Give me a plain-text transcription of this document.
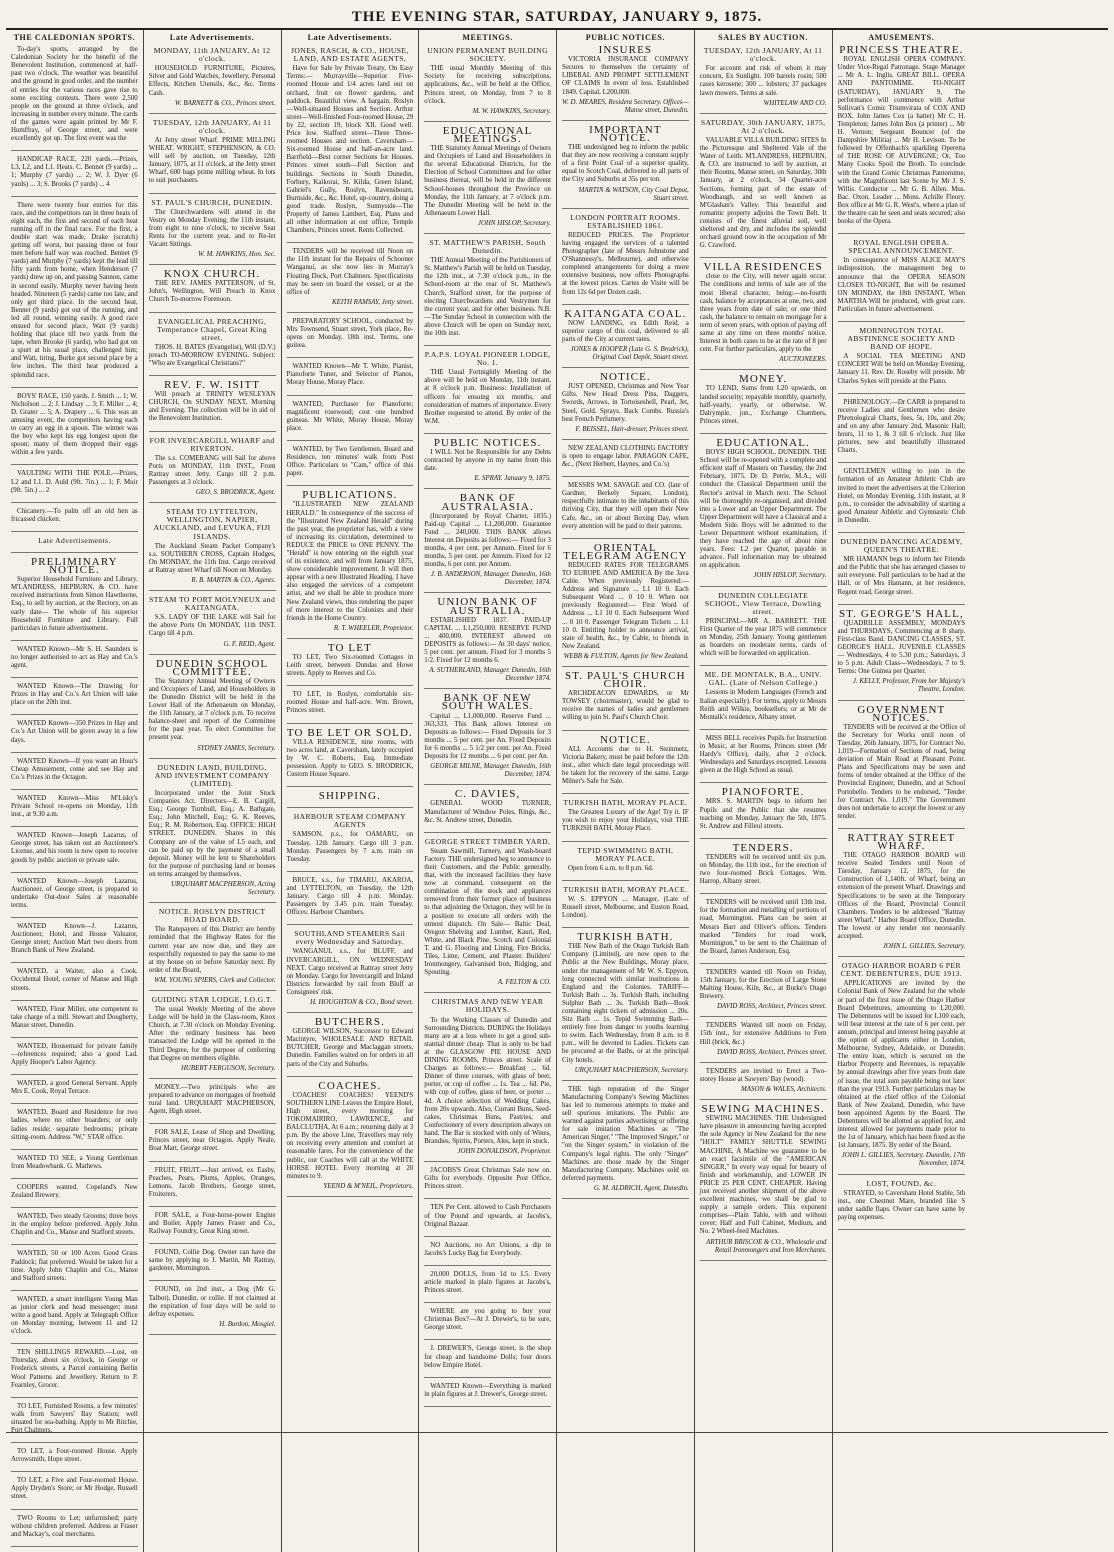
THE EVENING STAR, SATURDAY, JANUARY 9, 1875.
THE CALEDONIAN SPORTS.

To-day's sports, arranged by the Caledonian Society for the benefit of the Benevolent Institution, commenced at half-past two o'clock. The weather was beautiful and the ground in good order, and the number of entries for the various races gave rise to some exciting contests. There were 2,500 people on the ground at three o'clock, and increasing in number every minute. The cards of the games were again printed by Mr F. Humffray, of George street, and were excellently got up. The first event was the

HANDICAP RACE, 220 yards.—Prizes, L3, L2, and L1. Heats. C. Bennet (9 yards) ... 1; Murphy (7 yards) ... 2; W. J. Dyer (6 yards) ... 3; S. Brooks (7 yards) ... 4

There were twenty four entries for this race, and the competitors ran in three heats of eight each, the first and second of each heat running off in the final race. For the first, a double start was made, Drake (scratch) getting off worst, but passing three or four men before half way was reached. Bennet (9 yards) and Murphy (7 yards) kept the lead till fifty yards from home, when Henderson (7 yards) drew up on, and passing Sannon, came in second easily. Murphy never having been headed. Nineteen (5 yards) came too late, and only got third place. In the second heat, Bennet (9 yards) got out of the running, and led all round, winning easily. A good race ensued for second place, Watt (9 yards) holding that place till two yards from the tape, when Brooke (6 yards), who had got on a spurt at his usual place, challenged him; and Watt, tiring, Burke got second place by a few inches. The third heat produced a splendid race.

BOYS' RACE, 150 yards. J. Smith ... 1; W. Nicholson ... 2; J. Lindsay ... 3; F. Miller ... 4; D. Grater ... 5; A. Drapery ... 6. This was an amusing event, the competitors having each to carry an egg in a spoon. The winner was the boy who kept his egg longest upon the spoon; many of them dropped their eggs within a few yards.

VAULTING WITH THE POLE.—Prizes, L2 and L1. D. Auld (9ft. 7in.) ... 1; F. Muir (9ft. 5in.) ... 2

Chicanery.—To palm off an old hen as fricassed chicken.

Late Advertisements.
PRELIMINARY NOTICE.

Superior Household Furniture and Library. M'LANDRESS, HEPBURN, & CO. have received instructions from Simon Hawthorne, Esq., to sell by auction, at the Rectory, on an early date— The whole of his superior Household Furniture and Library. Full particulars in future advertisement.

WANTED Known—Mr S. H. Saunders is no longer authorised to act as Hay and Co.'s agent.

WANTED Known—The Drawing for Prizes in Hay and Co.'s Art Union will take place on the 20th inst.

WANTED Known—350 Prizes in Hay and Co.'s Art Union will be given away in a few days.

WANTED Known—If you want an Hour's Cheap Amusement, come and see Hay and Co.'s Prizes in the Octagon.

WANTED Known—Miss M'Lisky's Private School re-opens on Monday, 11th inst., at 9.30 a.m.

WANTED Known—Joseph Lazarus, of George street, has taken out an Auctioneer's License, and his room is now open to receive goods by public auction or private sale.

WANTED Known—Joseph Lazarus, Auctioneer, of George street, is prepared to undertake Out-door Sales at reasonable terms.

WANTED Known—J. Lazarus, Auctioneer, Hotel, and House Valuator, George street; Auction Mart two doors from Branch Bank of New Zealand.

WANTED, a Waiter, also a Cook. Occidental Hotel, corner of Manse and High streets.

WANTED, Flour Miller, one competent to take charge of a mill. Stewart and Dougherty, Manse street, Dunedin.

WANTED, Housemaid for private family—references required; also a good Lad. Apply Hooper's Labor Agency.

WANTED, a good General Servant. Apply Mrs E. Cook, Royal Terrace.

WANTED, Board and Residence for two ladies, where no other boarders; or only ladies reside; separate bedrooms; private sitting-room. Address "W," STAR office.

WANTED TO SEE, a Young Gentleman from Meadowbank. G. Mathews.

COOPERS wanted. Copeland's New Zealand Brewery.

WANTED, Two steady Grooms; three boys in the employ before preferred. Apply John Chaplin and Co., Manse and Stafford streets.

WANTED, 50 or 100 Acres Good Grass Paddock; flat preferred. Would be taken for a time. Apply John Chaplin and Co., Manse and Stafford streets.

WANTED, a smart intelligent Young Man as junior clerk and head messenger; must write a good hand. Apply at Telegraph Office on Monday morning, between 11 and 12 o'clock.

TEN SHILLINGS REWARD.—Lost, on Thursday, about six o'clock, in George or Frederick streets, a Parcel containing Berlin Wool Patterns and Jewellery. Return to P. Fearnley, Grocer.

TO LET, Furnished Rooms, a few minutes' walk from Sawyers' Bay Station; well situated for sea-bathing. Apply to Mr Ritchie, Port Chalmers.

TO LET, a Four-roomed House. Apply Arrowsmith, Hope street.

TO LET, a Five and Four-roomed House. Apply Dryden's Store; or Mr Hodge, Russell street.

TWO Rooms to Let; unfurnished; party without children preferred. Address at Fraser and Mackay's, coal merchants.

Late Advertisements.
MONDAY, 11th JANUARY, At 12 o'clock.

HOUSEHOLD FURNITURE, Pictures, Silver and Gold Watches, Jewellery, Personal Effects, Kitchen Utensils, &c., &c. Terms Cash.

W. BARNETT & CO., Princes street.
TUESDAY, 12th JANUARY, At 11 o'clock.

At Jetty street Wharf. PRIME MILLING WHEAT. WRIGHT, STEPHENSON, & CO. will sell by auction, on Tuesday, 12th January, 1875, at 11 o'clock, at the Jetty street Wharf, 600 bags prime milling wheat. In lots to suit purchasers.

ST. PAUL'S CHURCH, DUNEDIN.

The Churchwardens will attend in the Vestry on Monday Evening, the 11th instant, from eight to nine o'clock, to receive Seat Rents for the current year, and to Re-let Vacant Sittings.

W. M. HAWKINS, Hon. Sec.
KNOX CHURCH.

THE REV. JAMES PATTERSON, of St. John's, Wellington, Will Preach in Knox Church To-morrow Forenoon.

EVANGELICAL PREACHING, Temperance Chapel, Great King street.

THOS. H. BATES (Evangelist), Will (D.V.) preach TO-MORROW EVENING. Subject: "Who are Evangelical Christians?"

REV. F. W. ISITT

Will preach at TRINITY WESLEYAN CHURCH, On SUNDAY NEXT, Morning and Evening. The collection will be in aid of the Benevolent Institution.

FOR INVERCARGILL WHARF and RIVERTON.

The s.s. COMERANG will Sail for above Ports on MONDAY, 11th INST., From Rattray street Jetty. Cargo till 2 p.m. Passengers at 3 o'clock.

GEO. S. BRODRICK, Agent.
STEAM TO LYTTELTON, WELLINGTON, NAPIER, AUCKLAND, and LEVUKA, FIJI ISLANDS.

The Auckland Steam Packet Company's s.s. SOUTHERN CROSS, Captain Hodges, On MONDAY, the 11th Inst. Cargo received at Rattray street Wharf till Noon on Monday.

R. B. MARTIN & CO., Agents.
STEAM TO PORT MOLYNEUX and KAITANGATA.

S.S. LADY OF THE LAKE will Sail for the above Ports On MONDAY, 11th INST. Cargo till 4 p.m.

G. F. REID, Agent.
DUNEDIN SCHOOL COMMITTEE.

The Statutory Annual Meeting of Owners and Occupiers of Land, and Householders in the Dunedin District will be held in the Lower Hall of the Athenaeum on Monday, the 11th January, at 7 o'clock p.m. To receive balance-sheet and report of the Committee for the past year. To elect Committee for present year.

SYDNEY JAMES, Secretary.
DUNEDIN LAND, BUILDING, AND INVESTMENT COMPANY (LIMITED).

Incorporated under the Joint Stock Companies Act. Directors—E. B. Cargill, Esq.; George Turnbull, Esq.; A. Bathgate, Esq.; John Mitchell, Esq.; G. K. Reeves, Esq.; R. M. Robertson, Esq. OFFICE: HIGH STREET, DUNEDIN. Shares in this Company are of the value of L5 each, and can be paid up by the payment of a small deposit. Money will be lent to Shareholders for the purpose of purchasing land or houses on terms arranged by themselves.

URQUHART MACPHERSON, Acting Secretary.
NOTICE. ROSLYN DISTRICT ROAD BOARD.

The Ratepayers of this District are hereby reminded that the Highway Rates for the current year are now due, and they are respectfully requested to pay the same to me at my house on or before Saturday next. By order of the Board,

WM. YOUNG SPIERS, Clerk and Collector.
GUIDING STAR LODGE, I.O.G.T.

The usual Weekly Meeting of the above Lodge will be held in the Class-room, Knox Church, at 7.30 o'clock on Monday Evening. After the ordinary business has been transacted the Lodge will be opened in the Third Degree, for the purpose of conferring that Degree on members eligible.

HUBERT FERGUSON, Secretary.

MONEY.—Two principals who are prepared to advance on mortgages of freehold rural land. URQUHART MACPHERSON, Agent, High street.

FOR SALE, Lease of Shop and Dwelling, Princes street, near Octagon. Apply Neale, Boat Mart, George street.

FRUIT, FRUIT.—Just arrived, ex Easby, Peaches, Pears, Plums, Apples, Oranges, Lemons. Jacob Brothers, George street, Fruiterers.

FOR SALE, a Four-horse-power Engine and Boiler. Apply James Fraser and Co., Railway Foundry, Great King street.

FOUND, Collie Dog. Owner can have the same by applying to J. Martin, Mt Rattray, gardener, Mornington.

FOUND, on 2nd inst., a Dog (Mr G. Talbot), Dunedin, or collie. If not claimed at the expiration of four days will be sold to defray expenses.

H. Burdon, Mosgiel.
Late Advertisements.
JONES, RASCH, & CO., HOUSE, LAND, AND ESTATE AGENTS,

Have for Sale by Private Treaty, On Easy Terms:— Murrayville—Superior Five-roomed House and 1/4 acres land out on orchard, fruit on flower gardens, and paddock. Beautiful view. A bargain. Roslyn—Well-situated Houses and Section. Arthur street—Well-finished Four-roomed House, 29 by 22, section 19, block XII. Good well. Price low. Stafford street—Three Three-roomed Houses and section. Caversham—Six-roomed House and half-an-acre land. Barrfield—Best corner Sections for Houses. Princes street south—Full Section and buildings. Sections in South Dunedin, Forbury, Kaikorai, St. Kilda, Green Island, Gabriel's Gully, Roslyn, Ravensbourn, Burnside, &c., &c. Hotel, up-country, doing a good trade. Roslyn, Sunnyside—The Property of James Lambert, Esq. Plans and all other information at our office, Temple Chambers, Princes street. Rents Collected.

TENDERS will be received till Noon on the 11th instant for the Repairs of Schooner Wanganui, as she now lies in Murray's Floating Dock, Port Chalmers. Specifications may be seen on board the vessel, or at the office of

KEITH RAMSAY, Jetty street.

PREPARATORY SCHOOL, conducted by Mrs Townsend, Stuart street, York place, Re-opens on Monday, 18th inst. Terms, one guinea.

WANTED Known—Mr T. White, Pianist, Pianoforte Tuner, and Selector of Pianos, Moray House, Moray Place.

WANTED, Purchaser for Pianoforte; magnificent rosewood; cost one hundred guineas. Mr White, Moray House, Moray place.

WANTED, by Two Gentlemen, Board and Residence, ten minutes' walk from Post Office. Particulars to "Cam," office of this paper.

PUBLICATIONS.

"ILLUSTRATED NEW ZEALAND HERALD." In consequence of the success of the "Illustrated New Zealand Herald" during the past year, the proprietor has, with a view of increasing its circulation, determined to REDUCE the PRICE to ONE PENNY. The "Herald" is now entering on the eighth year of its existence, and will from January 1875, show considerable improvement. It will then appear with a new Illustrated Heading. I have also engaged the services of a competent artist, and we shall be able to produce more New Zealand views, thus rendering the paper of more interest to the Colonists and their friends in the Home Country.

R. T. WHEELER, Proprietor.
TO LET

TO LET, Two Six-roomed Cottages in Leith street, between Dundas and Howe streets. Apply to Reeves and Co.

TO LET, in Roslyn, comfortable six-roomed House and half-acre. Wm. Brown, Princes street.

TO BE LET OR SOLD.

VILLA RESIDENCE, nine rooms, with two acres land, at Caversham, lately occupied by W. C. Roberts, Esq. Immediate possession. Apply to GEO. S. BRODRICK, Custom House Square.

SHIPPING.
HARBOUR STEAM COMPANY AGENTS

SAMSON, p.s., for OAMARU, on Tuesday, 12th January. Cargo till 3 p.m. Monday. Passengers by 7 a.m. train on Tuesday.

BRUCE, s.s., for TIMARU, AKAROA, and LYTTELTON, on Tuesday, the 12th January. Cargo till 4 p.m. Monday. Passengers by 3.45 p.m. train Tuesday. Offices: Harbour Chambers.

SOUTHLAND STEAMERS Sail every Wednesday and Saturday.

WANGANUI, s.s., for BLUFF, and INVERCARGILL, ON WEDNESDAY NEXT. Cargo received at Rattray street Jetty on Monday. Cargo for Invercargill and Inland Districts forwarded by rail from Bluff at Consignees' risk.

H. HOUGHTON & CO., Bond street.
BUTCHERS.

GEORGE WILSON, Successor to Edward Macintyre, WHOLESALE AND RETAIL BUTCHER, George and Maclaggan streets, Dunedin. Families waited on for orders in all parts of the City and Suburbs.

COACHES.

COACHES! COACHES! YEEND'S SOUTHERN LINE Leaves the Empire Hotel, High street, every morning for TOKOMAIRIRO, LAWRENCE, and BALCLUTHA, At 6 a.m.; returning daily at 3 p.m. By the above Line, Travellers may rely on receiving every attention and comfort at reasonable fares. For the convenience of the public, our Coaches will call at the WHITE HORSE HOTEL Every morning at 20 minutes to 9.

YEEND & M'NEIL, Proprietors.
MEETINGS.
UNION PERMANENT BUILDING SOCIETY.

THE usual Monthly Meeting of this Society for receiving subscriptions, applications, &c., will be held at the Office, Princes street, on Monday, from 7 to 8 o'clock.

M. W. HAWKINS, Secretary.
EDUCATIONAL MEETINGS.

THE Statutory Annual Meetings of Owners and Occupiers of Land and Householders in the several Educational Districts, for the Election of School Committees and for other business thereat, will be held in the different School-houses throughout the Province on Monday, the 11th January, at 7 o'clock p.m. The Dunedin Meeting will be held in the Athenaeum Lower Hall.

JOHN HISLOP, Secretary.
ST. MATTHEW'S PARISH, South Dunedin.

THE Annual Meeting of the Parishioners of St. Matthew's Parish will be held on Tuesday, the 12th inst., at 7.30 o'clock p.m., in the School-room at the rear of St. Matthew's Church, Stafford street, for the purpose of electing Churchwardens and Vestrymen for the current year, and for other business. N.B.—The Sunday School in connection with the above Church will be open on Sunday next, the 10th inst.

P.A.P.S. LOYAL PIONEER LODGE, No. 1.

THE Usual Fortnightly Meeting of the above will be held on Monday, 11th instant, at 8 o'clock p.m. Business: Installation of officers for ensuing six months, and consideration of matters of importance. Every Brother requested to attend. By order of the W.M.

PUBLIC NOTICES.

I WILL Not be Responsible for any Debts contracted by anyone in my name from this date.

E. SPRAY. January 9, 1875.
BANK OF AUSTRALASIA.

(Incorporated by Royal Charter, 1835.) Paid-up Capital ... L1,200,000. Guarantee Fund ... 240,000. THIS BANK allows Interest on Deposits as follows:— Fixed for 3 months, 4 per cent. per Annum. Fixed for 6 months, 5 per cent. per Annum. Fixed for 12 months, 6 per cent. per Annum.

J. B. ANDERSON, Manager. Dunedin, 16th December, 1874.
UNION BANK OF AUSTRALIA.

ESTABLISHED 1837. PAID-UP CAPITAL ... L1,250,000. RESERVE FUND ... 400,000. INTEREST allowed on DEPOSITS as follows:— At 30 days' notice, 5 per cent. per annum. Fixed for 3 months 5 1/2. Fixed for 12 months 6.

A. SUTHERLAND, Manager. Dunedin, 16th December 1874.
BANK OF NEW SOUTH WALES.

Capital ... L1,000,000. Reserve Fund ... 363,333. This Bank allows Interest on Deposits as follows:— Fixed Deposits for 3 months ... 5 per cent. per An. Fixed Deposits for 6 months ... 5 1/2 per cent. per An. Fixed Deposits for 12 months ... 6 per cent. per An.

GEORGE MILNE, Manager. Dunedin, 16th December, 1874.
C. DAVIES,

GENERAL WOOD TURNER, Manufacturer of Window Poles, Rings, &c., &c. St. Andrew street, Dunedin.

GEORGE STREET TIMBER YARD,

Steam Sawmill, Turnery, and Wash-board Factory. THE undersigned beg to announce to their Customers, and the Public generally, that, with the increased facilities they have now at command, consequent on the combination of the stock and appliances removed from their former place of business to that adjoining the Octagon, they will be in a position to execute all orders with the utmost dispatch. On Sale— Baltic Deal, Oregon Shelving and Lumber, Kauri, Red, White, and Black Pine. Scotch and Colonial T. and G. Flooring and Lining. Fire Bricks, Tiles, Lime, Cement, and Plaster. Builders' Ironmongery, Galvanised Iron, Ridging, and Spouting.

A. FELTON & CO.
CHRISTMAS AND NEW YEAR HOLIDAYS.

To the Working Classes of Dunedin and Surrounding Districts. DURING the Holidays many are at a loss where to get a good sub-stantial dinner cheap. That is only to be had at the GLASGOW PIE HOUSE AND DINING ROOMS, Princes street. Scale of Charges as follows:— Breakfast ... 6d. Dinner of three courses, with glass of beer, porter, or cup of coffee ... 1s. Tea ... 6d. Pie, with cup of coffee, glass of beer, or porter ... 4d. A choice selection of Wedding Cakes, from 20s upwards. Also, Currant Buns, Seed-cakes, Christmas Buns, Pastries, and Confectionery of every description always on hand. The Bar is stocked with only of Wines, Brandies, Spirits, Porters, Ales, kept in stock.

JOHN DONALDSON, Proprietor.

JACOBS'S Great Christmas Sale now on. Gifts for everybody. Opposite Post Office, Princes street.

TEN Per Cent. allowed to Cash Purchasers of One Pound and upwards, at Jacobs's, Original Bazaar.

NO Auctions, no Art Unions, a dip in Jacobs's Lucky Bag for Everybody.

20,000 DOLLS, from 1d to L5. Every article marked in plain figures at Jacobs's, Princes street.

WHERE are you going to buy your Christmas Box?—At J. Drewer's, to be sure, George street.

J. DREWER'S, George street, is the shop for cheap and handsome Dolls; four doors below Empire Hotel.

WANTED Known—Everything is marked in plain figures at J. Drewer's, George street.

PUBLIC NOTICES.
INSURES

VICTORIA INSURANCE COMPANY Secures to themselves the certainty of LIBERAL AND PROMPT SETTLEMENT OF CLAIMS In event of loss. Established 1849. Capital, L200,000.

W. D. MEARES, Resident Secretary. Offices—Manse street, Dunedin.
IMPORTANT NOTICE.

THE undersigned beg to inform the public that they are now receiving a constant supply of a first Point Coal of a superior quality, equal to Scotch Coal, delivered to all parts of the City and Suburbs at 35s per ton.

MARTIN & WATSON, City Coal Depot, Stuart street.
LONDON PORTRAIT ROOMS. ESTABLISHED 1861.

REDUCED PRICES. The Proprietor having engaged the services of a talented Photographer (late of Messrs Johnstone and O'Shannessy's, Melbourne), and otherwise completed arrangements for doing a more extensive business, now offers Photographs at the lowest prices. Cartes de Visite will be from 12s 6d per Dozen cash.

KAITANGATA COAL.

NOW LANDING, ex Edith Reid, a superior cargo of this coal, delivered to all parts of the City at current rates.

JONES & HOOPER (Late G. S. Brodrick), Original Coal Depôt, Stuart street.
NOTICE.

JUST OPENED, Christmas and New Year Gifts. New Head Dress Pins, Daggers, Swords, Arrows, in Tortoiseshell, Pearl, Jet, Steel, Gold. Sprays. Back Combs. Russia's best French Perfumery.

F. BEISSEL, Hair-dresser, Princes street.

NEW ZEALAND CLOTHING FACTORY is open to engage labor. PARAGON CAFE, &c., (Next Herbert, Haynes, and Co.'s)

MESSRS WM. SAVAGE and CO. (late of Gardner, Berkely Square, London), respectfully intimate to the inhabitants of this thriving City, that they will open their New Cafe, &c., on or about Boxing Day, when every attention will be paid to their patrons.

ORIENTAL TELEGRAM AGENCY

REDUCED RATES FOR TELEGRAMS TO EUROPE AND AMERICA By the Java Cable. When previously Registered:— Address and Signature ... L1 10 0. Each Subsequent Word ... 0 10 0. When not previously Registered:— First Word of Address ... L1 10 0. Each Subsequent Word ... 0 10 0. Passenger Telegram Tickets ... L1 10 0. Entitling holder to announce arrival, state of health, &c., by Cable, to friends in New Zealand.

WEBB & FULTON, Agents for New Zealand.
ST. PAUL'S CHURCH CHOIR.

ARCHDEACON EDWARDS, or Mr TOWSEY (choirmaster), would be glad to receive the names of ladies and gentlemen willing to join St. Paul's Church Choir.

NOTICE.

ALL Accounts due to H. Steinmetz, Victoria Bakery, must be paid before the 12th inst., after which date legal proceedings will be taken for the recovery of the same. Large Milner's Safe for Sale.

TURKISH BATH, MORAY PLACE.

The Greatest Luxury of the Age! Try it. IF you wish to enjoy your Holidays, visit THE TURKISH BATH, Moray Place.

TEPID SWIMMING BATH, MORAY PLACE.

Open from 6 a.m. to 8 p.m. 6d.

TURKISH BATH, MORAY PLACE.

W. S. EPPYON ... Manager, (Late of Russell street, Melbourne, and Euston Road, London).

TURKISH BATH.

THE New Bath of the Otago Turkish Bath Company (Limited), are now open to the Public at the New Buildings, Moray place, under the management of Mr W. S. Eppyon, long connected with similar institutions in England and the Colonies. TARIFF— Turkish Bath ... 3s. Turkish Bath, including Sulphur Bath ... 3s. Turkish Bath—Book containing eight tickets of admission ... 20s. Sitz Bath ... 1s. Tepid Swimming Bath—entirely free from danger to youths learning to swim. Each Wednesday, from 8 a.m. to 8 p.m., will be devoted to Ladies. Tickets can be procured at the Baths, or at the principal City hotels.

URQUHART MACPHERSON, Secretary.

THE high reputation of the Singer Manufacturing Company's Sewing Machines has led to numerous attempts to make and sell spurious imitations. The Public are warned against parties advertising or offering for sale imitation Machines as "The American Singer," "The Improved Singer," or "on the Singer system," in violation of the Company's legal rights. The only "Singer" Machines are those made by the Singer Manufacturing Company. Machines sold on deferred payments.

G. M. ALDRICH, Agent, Dunedin.
SALES BY AUCTION.
TUESDAY, 12th JANUARY, At 11 o'clock.

For account and risk of whom it may concern, Ex Sunlight. 100 barrels rosin; 500 cases kerosene; 300 ... lobsters; 37 packages lawn mowers. Terms at sale.

WHITELAW AND CO.
SATURDAY, 30th JANUARY, 1875, At 2 o'clock.

VALUABLE VILLA BUILDING SITES In the Picturesque and Sheltered Vale of the Water of Leith. M'LANDRESS, HEPBURN, & CO. are instructed to sell by auction, at their Rooms, Manse street, on Saturday, 30th January, at 2 o'clock, 34 Quarter-acre Sections, forming part of the estate of Woodhaugh, and so well known as M'Glashan's Valley. This beautiful and romantic property adjoins the Town Belt. It consists of the finest alluvial soil, well sheltered and dry, and includes the splendid orchard ground now in the occupation of Mr G. Crawford.

VILLA RESIDENCES

close to the City, will never again occur. The conditions and terms of sale are of the most liberal character, being:—no-fourth cash, balance by acceptances at one, two, and three years from date of sale; or one third cash, the balance to remain on mortgage for a term of seven years, with option of paying off same at any time on three months' notice. Interest in both cases to be at the rate of 8 per cent. For further particulars, apply to the

AUCTIONEERS.
MONEY.

TO LEND, Sums from L20 upwards, on landed security; repayable monthly, quarterly, half-yearly, yearly, or otherwise. W. Dalrymple, jun., Exchange Chambers, Princes street.

EDUCATIONAL.

BOYS' HIGH SCHOOL, DUNEDIN. THE School will be re-opened with a complete and efficient staff of Masters on Tuesday, the 2nd February, 1875. Dr D. Petrie, M.A., will conduct the Classical Department until the Rector's arrival in March next. The School will be thoroughly re-organised, and divided into a Lower and an Upper Department. The Upper Department will have a Classical and a Modern Side. Boys will be admitted to the Lower Department without examination, if they have reached the age of about nine years. Fees: L2 per Quarter, payable in advance. Full information may be obtained on application.

JOHN HISLOP, Secretary.
DUNEDIN COLLEGIATE SCHOOL, View Terrace, Dowling street.

PRINCIPAL—MR A. BARRETT. THE First Quarter of the year 1875 will commence on Monday, 25th January. Young gentlemen as boarders on moderate terms, cards of which will be forwarded on application.

ME. DE MONTALK, B.A., UNIV. GAL. (Late of Nelson College.)

Lessons in Modern Languages (French and Italian especially). For terms, apply to Messrs Reith and Wilkie, booksellers; or at Mr de Montalk's residence, Albany street.

MISS BELL receives Pupils for Instruction in Music, at her Rooms, Princes street (Mr Hardy's Office), daily, after 2 o'clock. Wednesdays and Saturdays excepted. Lessons given at the High School as usual.

PIANOFORTE.

MRS. S. MARTIN begs to inform her Pupils and the Public that she resumes teaching on Monday, January the 5th, 1875. St. Andrew and Filleul streets.

TENDERS.

TENDERS will be received until six p.m. on Monday, the 11th inst., for the erection of two four-roomed Brick Cottages. Wm. Harrop, Albany street.

TENDERS will be received until 13th inst. for the formation and metalling of portions of road, Mornington. Plans can be seen at Messrs Barr and Oliver's offices. Tenders marked "Tenders for road work, Mornington," to be sent to the Chairman of the Board, James Anderson, Esq.

TENDERS wanted till Noon on Friday, 15th January, for the Erection of Large Stone Malting House, Kiln, &c., at Burke's Otago Brewery.

DAVID ROSS, Architect, Princes street.

TENDERS Wanted till noon on Friday, 15th inst., for extensive Additions to Fern Hill (brick, &c.)

DAVID ROSS, Architect, Princes street.

TENDERS are invited to Erect a Two-storey House at Sawyers' Bay (wood).

MASON & WALES, Architects.
SEWING MACHINES.

SEWING MACHINES. THE Undersigned have pleasure in announcing having accepted the sole Agency in New Zealand for the new "HOLT" FAMILY SHUTTLE SEWING MACHINE, A Machine we guarantee to be an exact facsimile of the "AMERICAN SINGER," In every way equal for beauty of finish and workmanship, and LOWER IN PRICE 25 PER CENT. CHEAPER. Having just received another shipment of the above excellent machines, we shall be glad to supply a sample orders. This exponent comprises—Plain Table, with and without cover; Half and Full Cabinet, Medium, and No. 2 Wheel-feed Machines.

ARTHUR BRISCOE & CO., Wholesale and Retail Ironmongers and Iron Merchants.
AMUSEMENTS.
PRINCESS THEATRE.

ROYAL ENGLISH OPERA COMPANY. Under Vice-Regal Patronage. Stage Manager ... Mr A. L. Inglis. GREAT BILL. OPERA AND PANTOMIME. TO-NIGHT (SATURDAY), JANUARY 9, The performance will commence with Arthur Sullivan's Comic Triumvirata of COX AND BOX. John James Cox (a hatter) Mr C. H. Templeton; James John Box (a printer) ... Mr H. Vernon; Sergeant Bouncer (of the Dampshire Militia) ... Mr H. Levison. To be followed by Offenbach's sparkling Operetta of THE ROSE OF AUVERGNE; Or, Too Many Cooks Spoil the Broth. To conclude with the Grand Comic Christmas Pantomime, with the Magnificent last Scene by Mr J. S. Willis. Conductor ... Mr G. B. Allen. Mus. Bac. Oxon. Leader ... Mons. Achille Fleury. Box office at Mr G. R. West's, where a plan of the theatre can be seen and seats secured; also books of the Opera.

ROYAL ENGLISH OPERA. SPECIAL ANNOUNCEMENT.

In consequence of MISS ALICE MAY'S indisposition, the management beg to announce that the OPERA SEASON CLOSES TO-NIGHT, But will be resumed ON MONDAY, the 18th INSTANT, When MARTHA Will be produced, with great care. Particulars in future advertisement.

MORNINGTON TOTAL ABSTINENCE SOCIETY AND BAND OF HOPE.

A SOCIAL TEA MEETING AND CONCERT Will be held on Monday Evening, January 11. Rev. Dr. Roseby will preside. Mr Charles Sykes will preside at the Piano.

PHRENOLOGY.—Dr CARR is prepared to receive Ladies and Gentlemen who desire Phrenological Charts, fees, 5s, 10s, and 20s; and on any after January 2nd, Masonic Hall; hours, 11 to 1, & 3 till 6 o'clock. Just like pictures, new and beautifully illustrated Charts.

GENTLEMEN willing to join in the formation of an Amateur Athletic Club are invited to meet the advertisers at the Criterion Hotel, on Monday Evening, 11th instant, at 8 p.m., to consider the advisability of starting a good Amateur Athletic and Gymnastic Club in Dunedin.

DUNEDIN DANCING ACADEMY, QUEEN'S THEATRE.

MR HAMANN begs to inform her Friends and the Public that she has arranged classes to suit everyone. Full particulars to be had at the Hall, or of Mrs Hamann, at her residence, Regent road, George street.

ST. GEORGE'S HALL,

QUADRILLE ASSEMBLY, MONDAYS and THURSDAYS, Commencing at 8 sharp. First-class Band. DANCING CLASSES, ST. GEORGE'S HALL. JUVENILE CLASSES — Wednesdays, 4 to 5.30 p.m.; Saturdays, 3 to 5 p.m. Adult Class—Wednesdays, 7 to 9. Terms: One Guinea per Quarter.

J. KELLY, Professor, From her Majesty's Theatre, London.
GOVERNMENT NOTICES.

TENDERS will be received at the Office of the Secretary for Works until noon of Tuesday, 26th January, 1875, for Contract No. 1,019—Formation of Sections of road, being deviation of Main Road at Pleasant Point. Plans and Specifications may be seen and forms of tender obtained at the Office of the Provincial Engineer, Dunedin, and at School Portobello. Tenders to be endorsed, "Tender for Contract No. 1,019." The Government does not undertake to accept the lowest or any tender.

RATTRAY STREET WHARF.

THE OTAGO HARBOR BOARD will receive Sealed Tenders until Noon of Tuesday, January 12, 1875, for the Construction of 1,140ft. of Wharf, being an extension of the present Wharf. Drawings and Specifications to be seen at the Temporary Offices of the Board, Provincial Council Chambers. Tenders to be addressed "Rattray street Wharf," Harbor Board Office, Dunedin. The lowest or any tender not necessarily accepted.

JOHN L. GILLIES, Secretary.
OTAGO HARBOR BOARD 6 PER CENT. DEBENTURES, DUE 1913.

APPLICATIONS are invited by the Colonial Bank of New Zealand for the whole or part of the first issue of the Otago Harbor Board Debentures, amounting to L20,000. The Debentures will be issued for L100 each, will bear interest at the rate of 6 per cent. per annum, principal and interest being payable at the option of applicants either in London, Melbourne, Sydney, Adelaide, or Dunedin. The entire loan, which is secured on the Harbor Property and Revenues, is repayable by annual drawings after five years from date of issue, the total sum payable being not later than the year 1913. Further particulars may be obtained at the chief office of the Colonial Bank of New Zealand, Dunedin, who have been appointed Agents by the Board. The Debentures will be allotted as applied for, and interest allowed for payments made prior to the 1st of January, which has been fixed as the 1st January, 1875. By order of the Board,

JOHN L. GILLIES, Secretary. Dunedin, 17th November, 1874.
LOST, FOUND, &c.

STRAYED, to Caversham Hotel Stable, 5th inst., one Chestnut Mare, branded like S under saddle flaps. Owner can have same by paying expenses.
